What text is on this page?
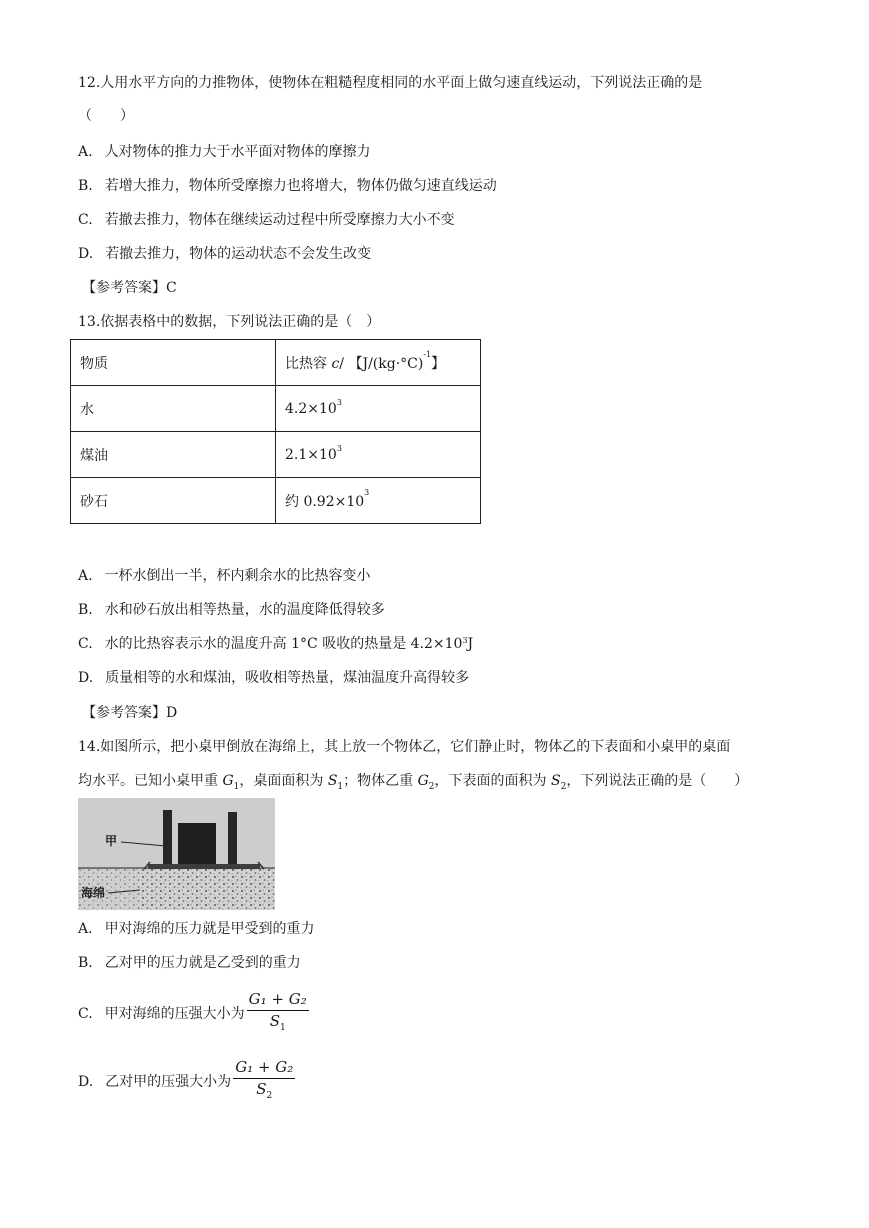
12.人用水平方向的力推物体，使物体在粗糙程度相同的水平面上做匀速直线运动，下列说法正确的是
（　　）
A. 人对物体的推力大于水平面对物体的摩擦力
B. 若增大推力，物体所受摩擦力也将增大，物体仍做匀速直线运动
C. 若撤去推力，物体在继续运动过程中所受摩擦力大小不变
D. 若撤去推力，物体的运动状态不会发生改变
【参考答案】C
13.依据表格中的数据，下列说法正确的是（　）
物质	比热容 c/ 【$J/(kg\cdot^\circ C)^{-1}$】
水	$4.2\times 10^3$
煤油	$2.1\times 10^3$
砂石	约 $0.92\times 10^3$
A. 一杯水倒出一半，杯内剩余水的比热容变小
B. 水和砂石放出相等热量，水的温度降低得较多
C. 水的比热容表示水的温度升高 1°C 吸收的热量是 $4.2\times 10^3J$
D. 质量相等的水和煤油，吸收相等热量，煤油温度升高得较多
【参考答案】D
14.如图所示，把小桌甲倒放在海绵上，其上放一个物体乙，它们静止时，物体乙的下表面和小桌甲的桌面
均水平。已知小桌甲重 $G_1$，桌面面积为 $S_1$；物体乙重 $G_2$，下表面的面积为 $S_2$，下列说法正确的是（　　）
甲
海绵
A. 甲对海绵的压力就是甲受到的重力
B. 乙对甲的压力就是乙受到的重力
C. 甲对海绵的压强大小为 $\frac{\text{G₁ + G₂}}{S_1}$
D. 乙对甲的压强大小为 $\frac{\text{G₁ + G₂}}{S_2}$
